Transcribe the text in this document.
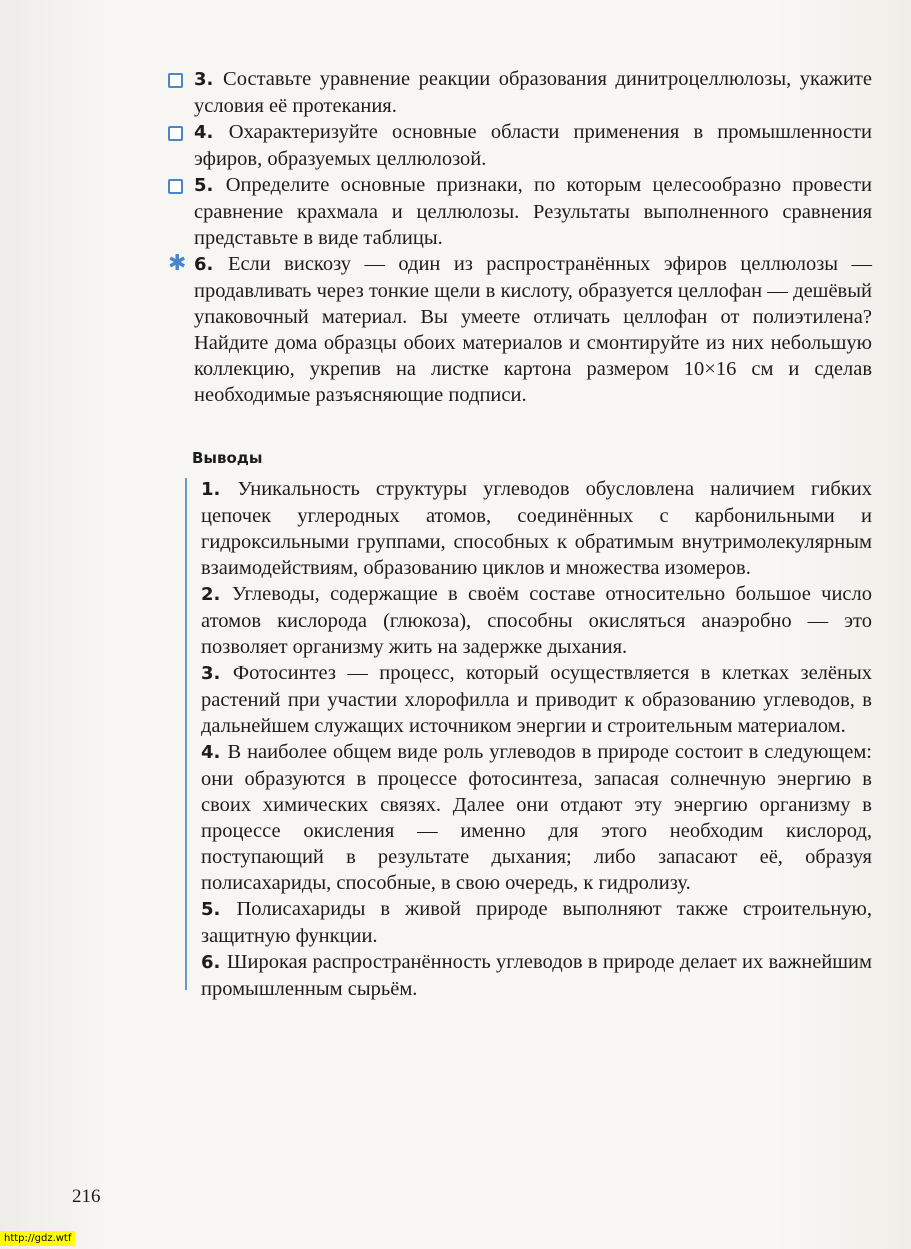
3. Составьте уравнение реакции образования динитроцеллюлозы, укажите условия её протекания.
4. Охарактеризуйте основные области применения в промышленности эфиров, образуемых целлюлозой.
5. Определите основные признаки, по которым целесообразно провести сравнение крахмала и целлюлозы. Результаты выполненного сравнения представьте в виде таблицы.
✱ 6. Если вискозу — один из распространённых эфиров целлюлозы — продавливать через тонкие щели в кислоту, образуется целлофан — дешёвый упаковочный материал. Вы умеете отличать целлофан от полиэтилена? Найдите дома образцы обоих материалов и смонтируйте из них небольшую коллекцию, укрепив на листке картона размером 10×16 см и сделав необходимые разъясняющие подписи.
Выводы
1. Уникальность структуры углеводов обусловлена наличием гибких цепочек углеродных атомов, соединённых с карбонильными и гидроксильными группами, способных к обратимым внутримолекулярным взаимодействиям, образованию циклов и множества изомеров.
2. Углеводы, содержащие в своём составе относительно большое число атомов кислорода (глюкоза), способны окисляться анаэробно — это позволяет организму жить на задержке дыхания.
3. Фотосинтез — процесс, который осуществляется в клетках зелёных растений при участии хлорофилла и приводит к образованию углеводов, в дальнейшем служащих источником энергии и строительным материалом.
4. В наиболее общем виде роль углеводов в природе состоит в следующем: они образуются в процессе фотосинтеза, запасая солнечную энергию в своих химических связях. Далее они отдают эту энергию организму в процессе окисления — именно для этого необходим кислород, поступающий в результате дыхания; либо запасают её, образуя полисахариды, способные, в свою очередь, к гидролизу.
5. Полисахариды в живой природе выполняют также строительную, защитную функции.
6. Широкая распространённость углеводов в природе делает их важнейшим промышленным сырьём.
216
http://gdz.wtf
